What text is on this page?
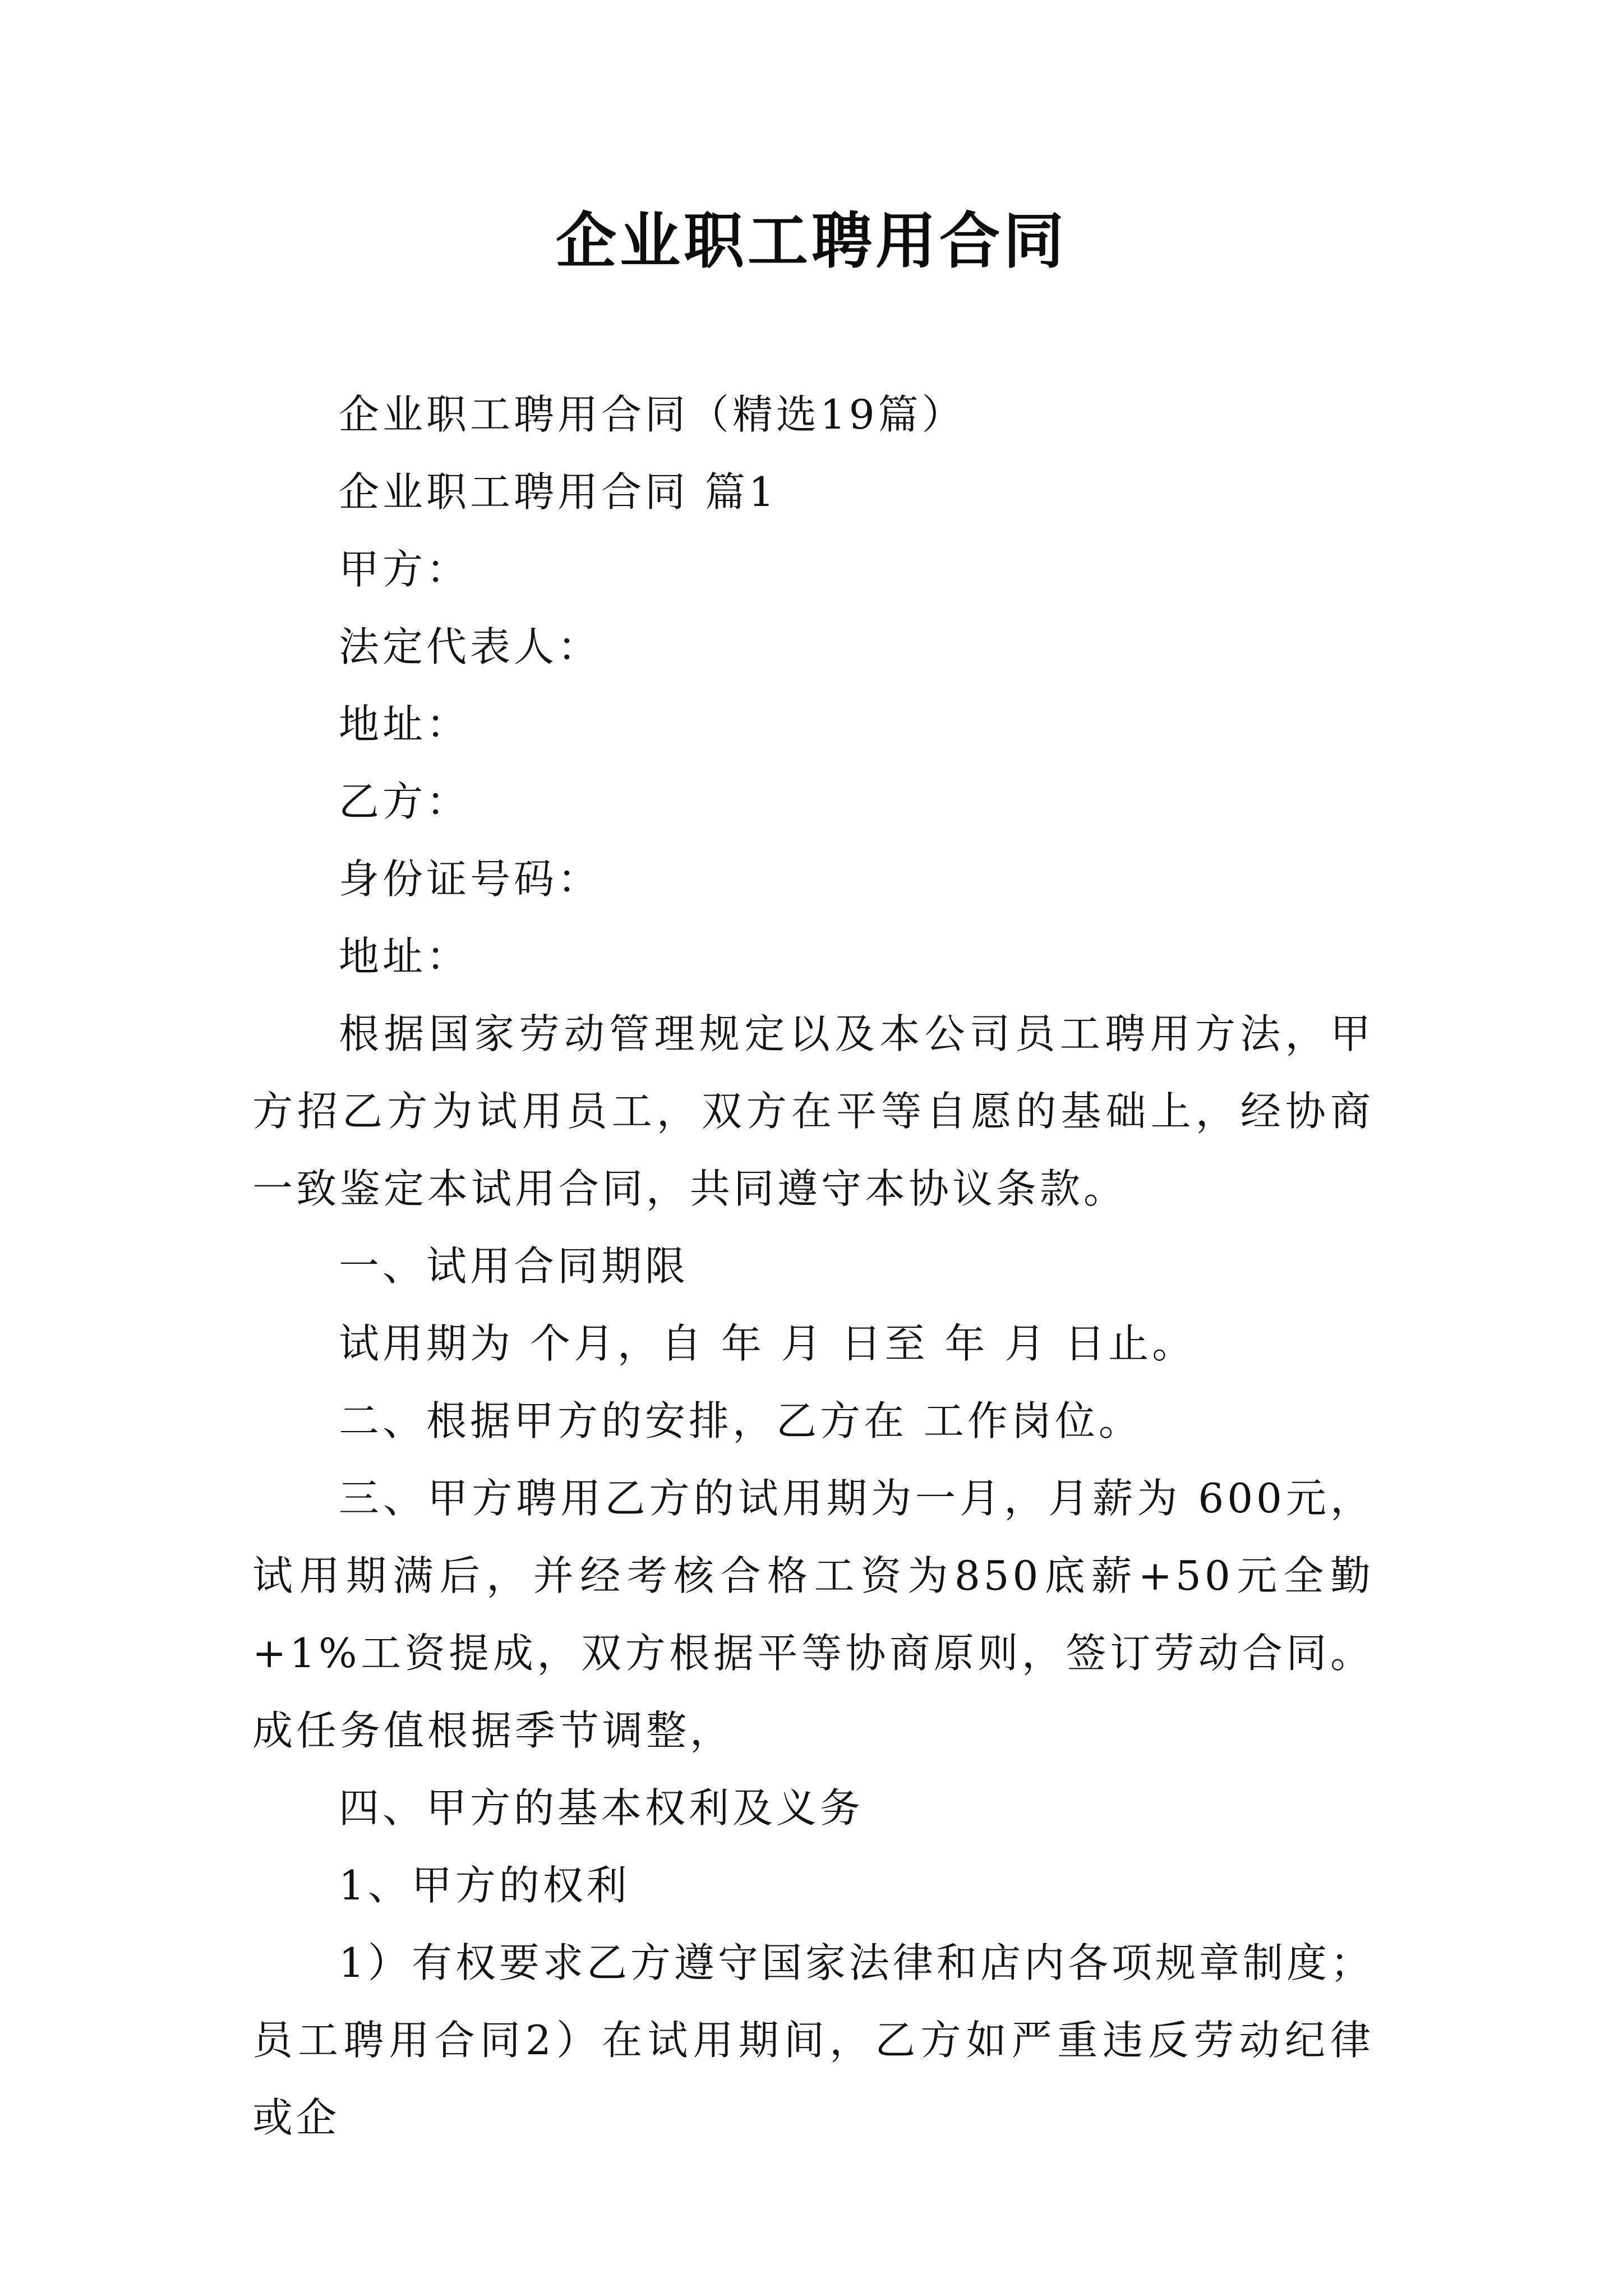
企业职工聘用合同

企业职工聘用合同（精选19篇）

企业职工聘用合同 篇1

甲方：

法定代表人：

地址：

乙方：

身份证号码：

地址：

根据国家劳动管理规定以及本公司员工聘用方法，甲方招乙方为试用员工，双方在平等自愿的基础上，经协商一致鉴定本试用合同，共同遵守本协议条款。

一、试用合同期限

试用期为 个月，自 年 月 日至 年 月 日止。

二、根据甲方的安排，乙方在 工作岗位。

三、甲方聘用乙方的试用期为一月，月薪为 600元，试用期满后，并经考核合格工资为850底薪+50元全勤+1%工资提成，双方根据平等协商原则，签订劳动合同。成任务值根据季节调整，

四、甲方的基本权利及义务

1、甲方的权利

1）有权要求乙方遵守国家法律和店内各项规章制度；员工聘用合同2）在试用期间，乙方如严重违反劳动纪律或企
